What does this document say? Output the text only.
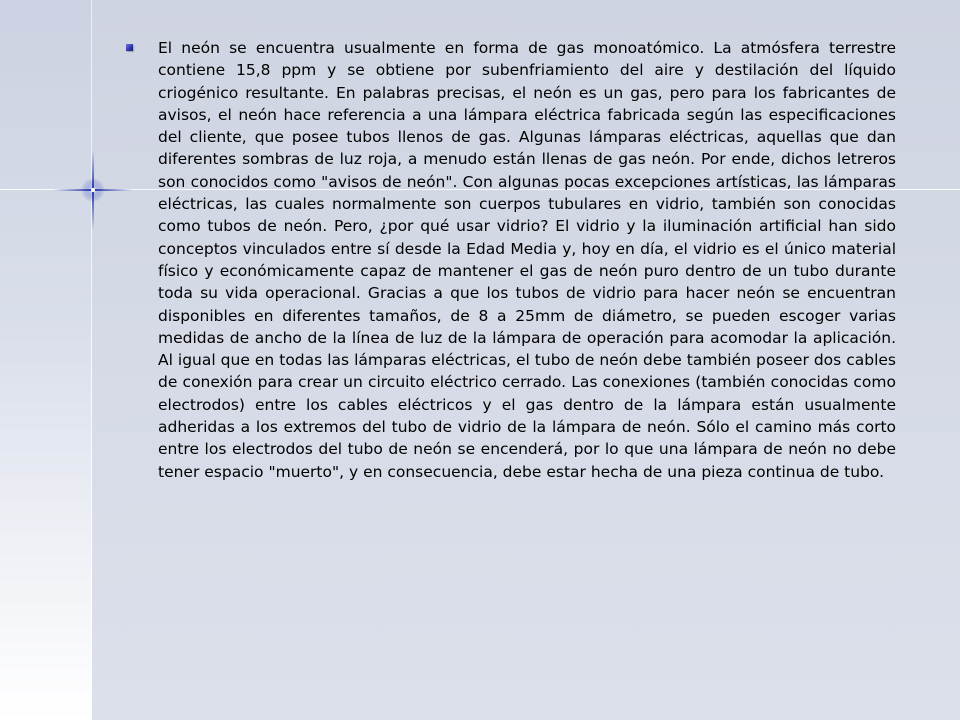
El neón se encuentra usualmente en forma de gas monoatómico. La atmósfera terrestre contiene 15,8 ppm y se obtiene por subenfriamiento del aire y destilación del líquido criogénico resultante. En palabras precisas, el neón es un gas, pero para los fabricantes de avisos, el neón hace referencia a una lámpara eléctrica fabricada según las especificaciones del cliente, que posee tubos llenos de gas. Algunas lámparas eléctricas, aquellas que dan diferentes sombras de luz roja, a menudo están llenas de gas neón. Por ende, dichos letreros son conocidos como "avisos de neón". Con algunas pocas excepciones artísticas, las lámparas eléctricas, las cuales normalmente son cuerpos tubulares en vidrio, también son conocidas como tubos de neón. Pero, ¿por qué usar vidrio? El vidrio y la iluminación artificial han sido conceptos vinculados entre sí desde la Edad Media y, hoy en día, el vidrio es el único material físico y económicamente capaz de mantener el gas de neón puro dentro de un tubo durante toda su vida operacional. Gracias a que los tubos de vidrio para hacer neón se encuentran disponibles en diferentes tamaños, de 8 a 25mm de diámetro, se pueden escoger varias medidas de ancho de la línea de luz de la lámpara de operación para acomodar la aplicación. Al igual que en todas las lámparas eléctricas, el tubo de neón debe también poseer dos cables de conexión para crear un circuito eléctrico cerrado. Las conexiones (también conocidas como electrodos) entre los cables eléctricos y el gas dentro de la lámpara están usualmente adheridas a los extremos del tubo de vidrio de la lámpara de neón. Sólo el camino más corto entre los electrodos del tubo de neón se encenderá, por lo que una lámpara de neón no debe tener espacio "muerto", y en consecuencia, debe estar hecha de una pieza continua de tubo.
